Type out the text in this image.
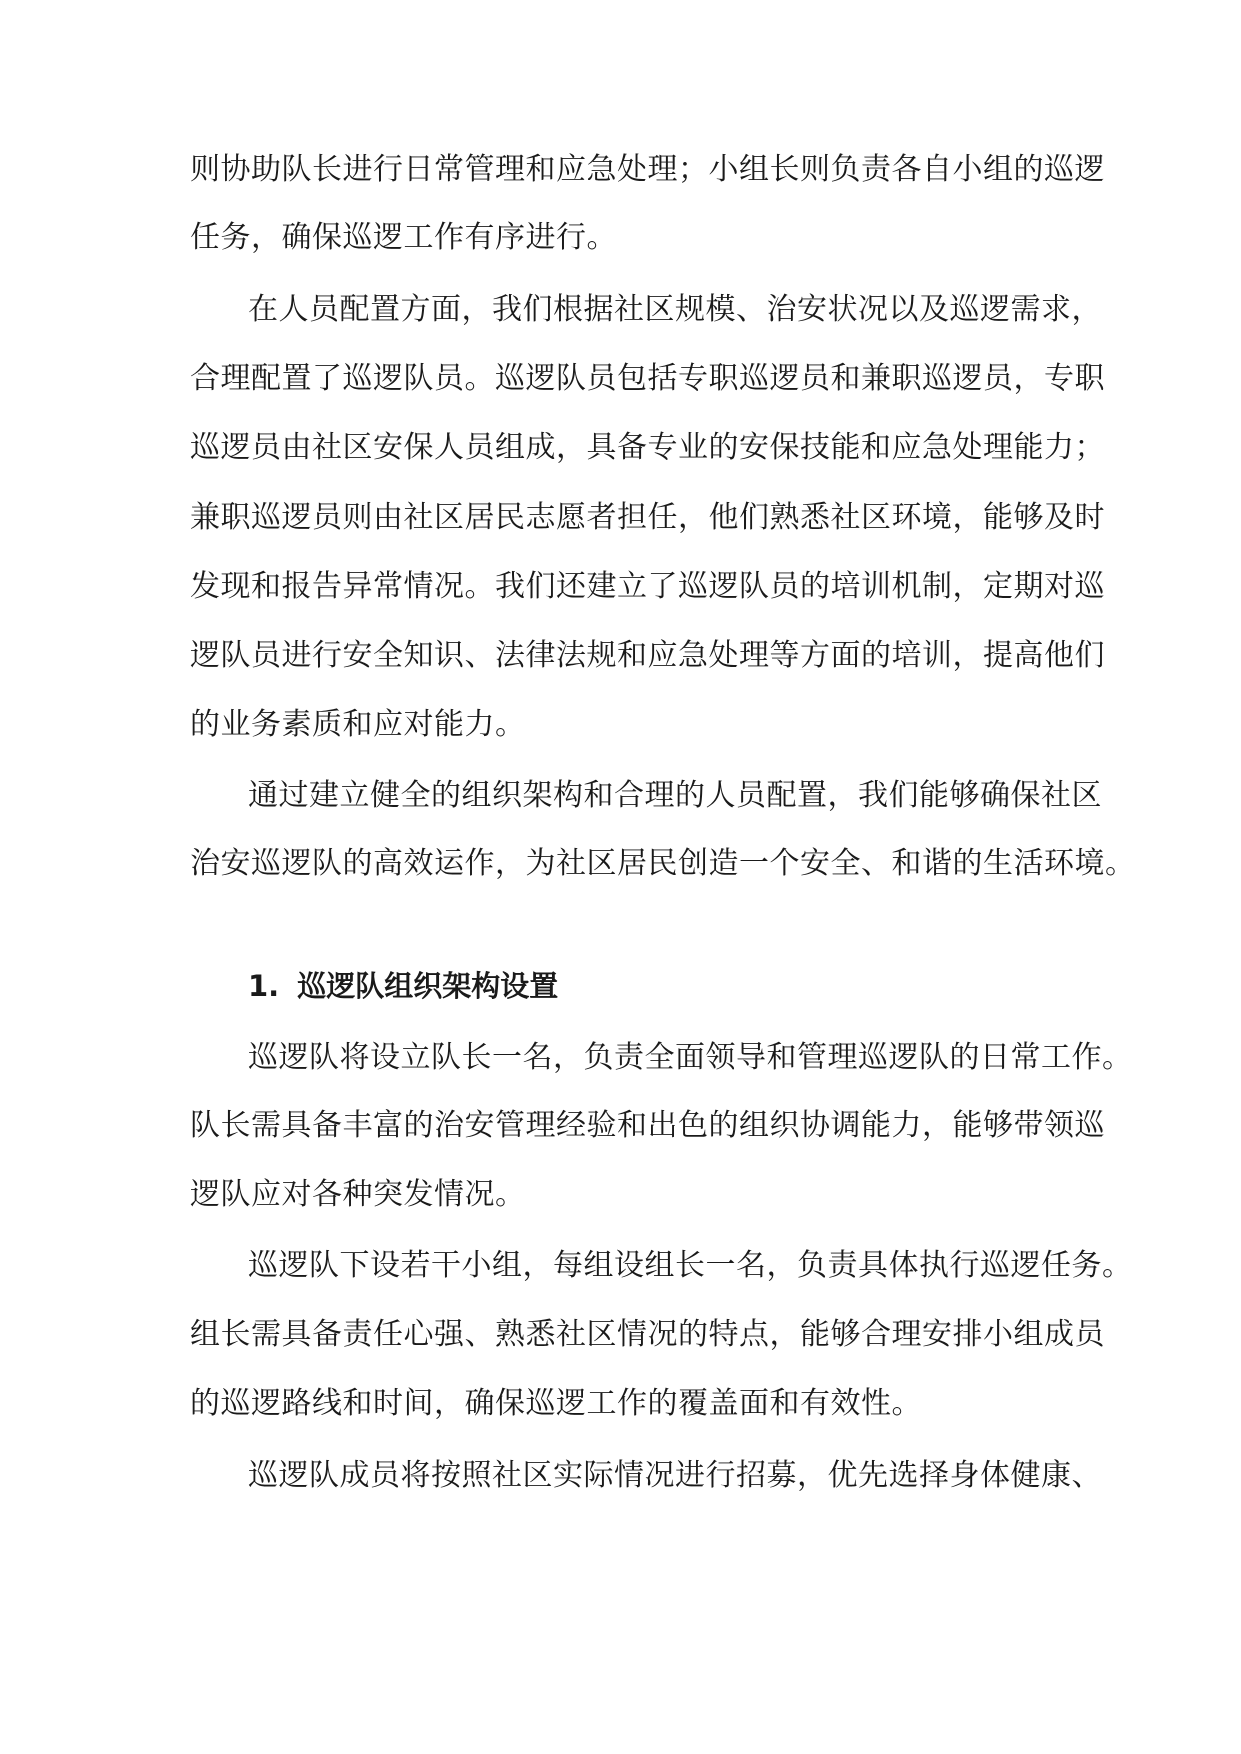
则协助队长进行日常管理和应急处理；小组长则负责各自小组的巡逻
任务，确保巡逻工作有序进行。
在人员配置方面，我们根据社区规模、治安状况以及巡逻需求，
合理配置了巡逻队员。巡逻队员包括专职巡逻员和兼职巡逻员，专职
巡逻员由社区安保人员组成，具备专业的安保技能和应急处理能力；
兼职巡逻员则由社区居民志愿者担任，他们熟悉社区环境，能够及时
发现和报告异常情况。我们还建立了巡逻队员的培训机制，定期对巡
逻队员进行安全知识、法律法规和应急处理等方面的培训，提高他们
的业务素质和应对能力。
通过建立健全的组织架构和合理的人员配置，我们能够确保社区
治安巡逻队的高效运作，为社区居民创造一个安全、和谐的生活环境。
1. 巡逻队组织架构设置
巡逻队将设立队长一名，负责全面领导和管理巡逻队的日常工作。
队长需具备丰富的治安管理经验和出色的组织协调能力，能够带领巡
逻队应对各种突发情况。
巡逻队下设若干小组，每组设组长一名，负责具体执行巡逻任务。
组长需具备责任心强、熟悉社区情况的特点，能够合理安排小组成员
的巡逻路线和时间，确保巡逻工作的覆盖面和有效性。
巡逻队成员将按照社区实际情况进行招募，优先选择身体健康、
